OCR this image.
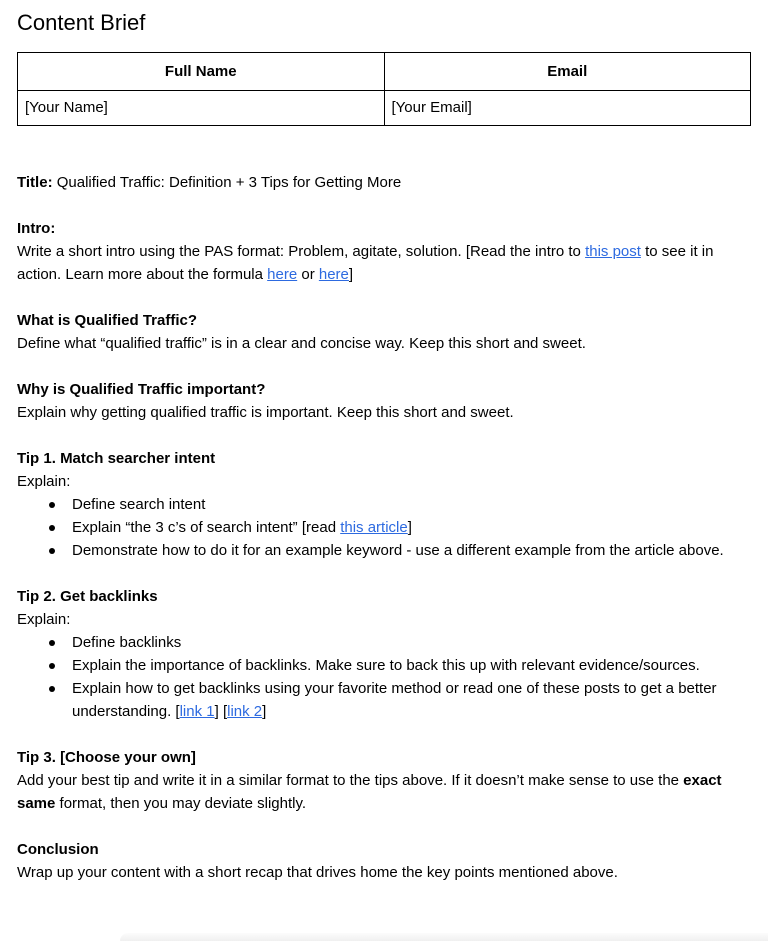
Content Brief
Full Name	Email
[Your Name]	[Your Email]

Title: Qualified Traffic: Definition + 3 Tips for Getting More

Intro:

Write a short intro using the PAS format: Problem, agitate, solution. [Read the intro to this post to see it in action. Learn more about the formula here or here]

What is Qualified Traffic?

Define what “qualified traffic” is in a clear and concise way. Keep this short and sweet.

Why is Qualified Traffic important?

Explain why getting qualified traffic is important. Keep this short and sweet.

Tip 1. Match searcher intent

Explain:

Define search intent
Explain “the 3 c’s of search intent” [read this article]
Demonstrate how to do it for an example keyword - use a different example from the article above.

Tip 2. Get backlinks

Explain:

Define backlinks
Explain the importance of backlinks. Make sure to back this up with relevant evidence/sources.
Explain how to get backlinks using your favorite method or read one of these posts to get a better understanding. [link 1] [link 2]

Tip 3. [Choose your own]

Add your best tip and write it in a similar format to the tips above. If it doesn’t make sense to use the exact same format, then you may deviate slightly.

Conclusion

Wrap up your content with a short recap that drives home the key points mentioned above.
